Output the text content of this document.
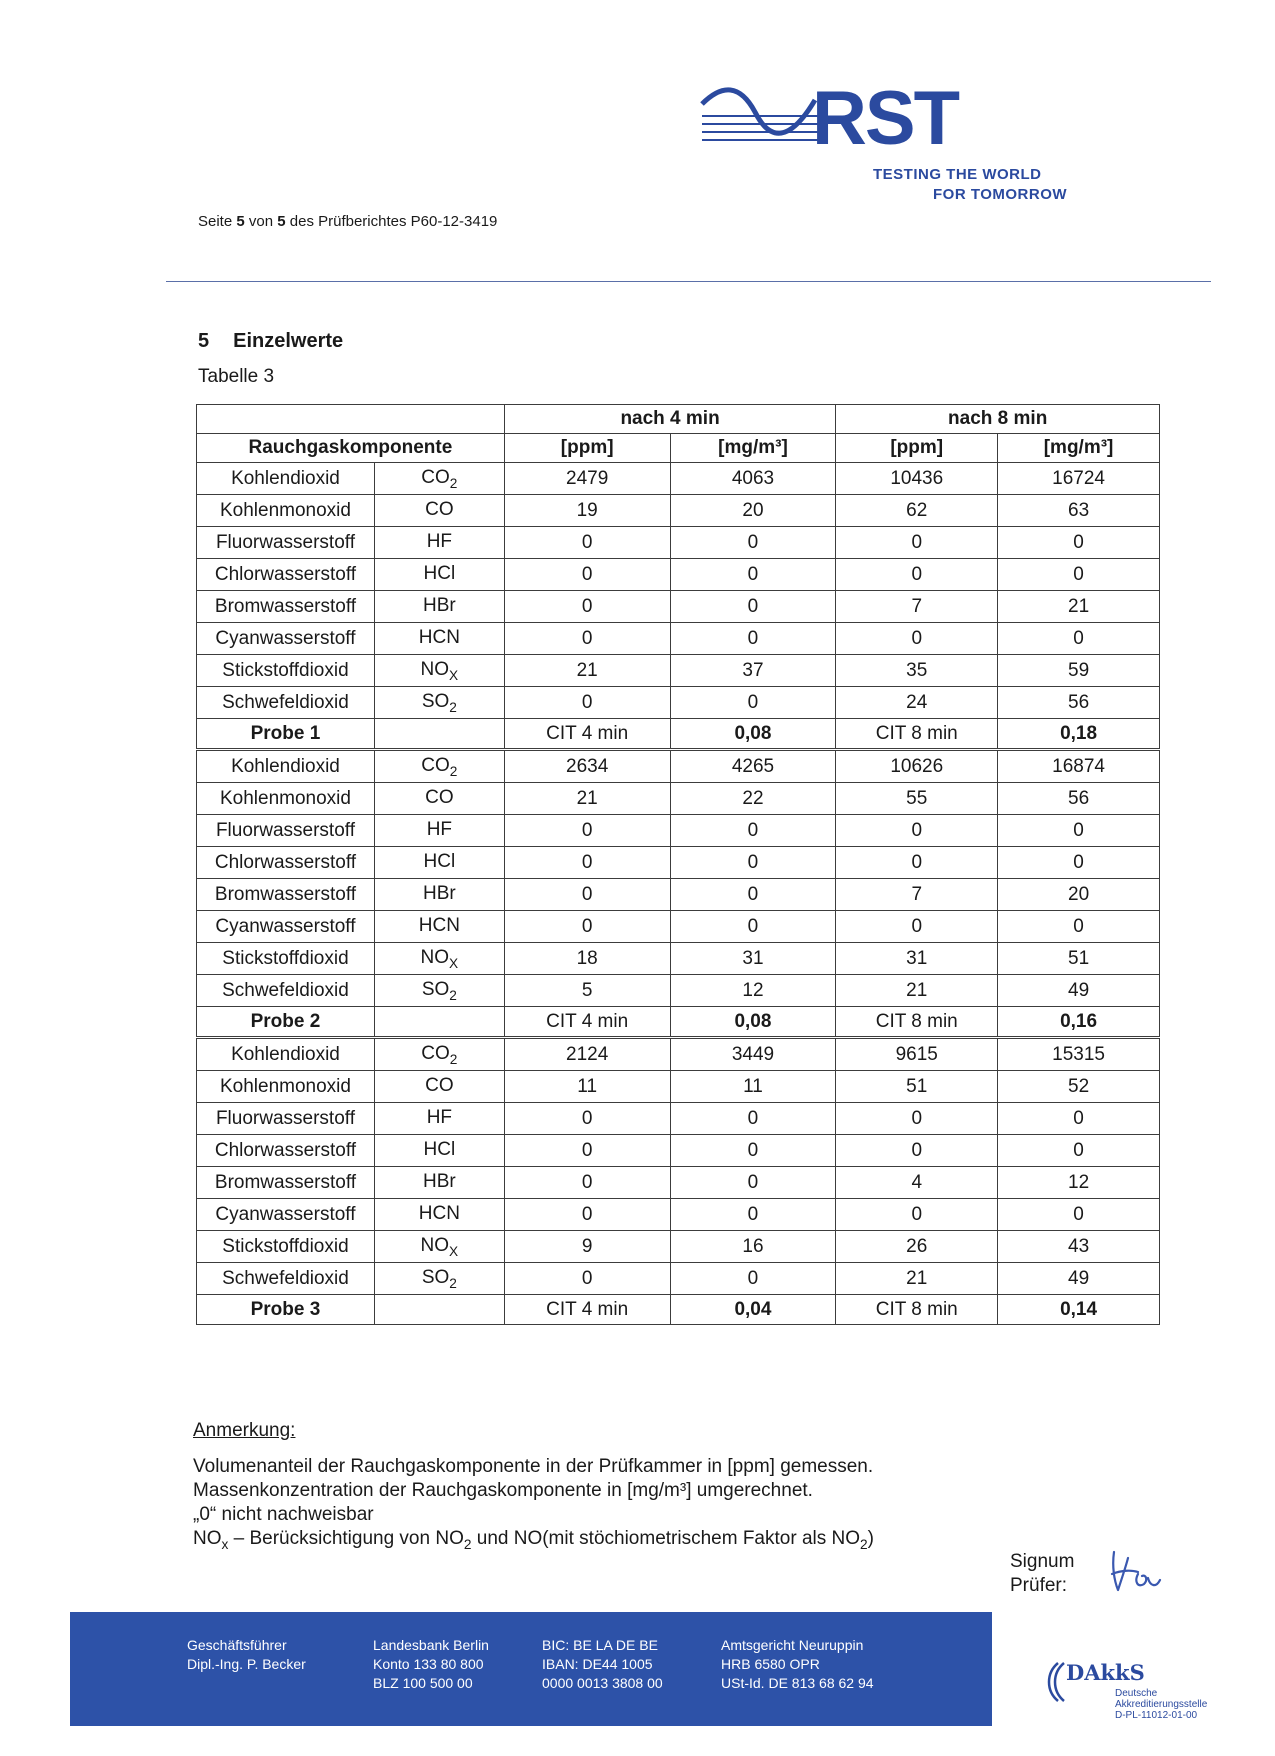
RST
TESTING THE WORLD
FOR TOMORROW
Seite 5 von 5 des Prüfberichtes P60-12-3419
5 Einzelwerte
Tabelle 3
		nach 4 min		nach 8 min	
Rauchgaskomponente		[ppm]	[mg/m³]	[ppm]	[mg/m³]
Kohlendioxid	$CO_2$	2479	4063	10436	16724
Kohlenmonoxid	CO	19	20	62	63
Fluorwasserstoff	HF	0	0	0	0
Chlorwasserstoff	HCl	0	0	0	0
Bromwasserstoff	HBr	0	0	7	21
Cyanwasserstoff	HCN	0	0	0	0
Stickstoffdioxid	$NO_X$	21	37	35	59
Schwefeldioxid	$SO_2$	0	0	24	56
Probe 1		CIT 4 min	0,08	CIT 8 min	0,18
Kohlendioxid	$CO_2$	2634	4265	10626	16874
Kohlenmonoxid	CO	21	22	55	56
Fluorwasserstoff	HF	0	0	0	0
Chlorwasserstoff	HCl	0	0	0	0
Bromwasserstoff	HBr	0	0	7	20
Cyanwasserstoff	HCN	0	0	0	0
Stickstoffdioxid	$NO_X$	18	31	31	51
Schwefeldioxid	$SO_2$	5	12	21	49
Probe 2		CIT 4 min	0,08	CIT 8 min	0,16
Kohlendioxid	$CO_2$	2124	3449	9615	15315
Kohlenmonoxid	CO	11	11	51	52
Fluorwasserstoff	HF	0	0	0	0
Chlorwasserstoff	HCl	0	0	0	0
Bromwasserstoff	HBr	0	0	4	12
Cyanwasserstoff	HCN	0	0	0	0
Stickstoffdioxid	$NO_X$	9	16	26	43
Schwefeldioxid	$SO_2$	0	0	21	49
Probe 3		CIT 4 min	0,04	CIT 8 min	0,14
Anmerkung:
Volumenanteil der Rauchgaskomponente in der Prüfkammer in [ppm] gemessen.
Massenkonzentration der Rauchgaskomponente in [mg/m³] umgerechnet.
„0“ nicht nachweisbar
$NO_x$ – Berücksichtigung von $NO_2$ und NO(mit stöchiometrischem Faktor als $NO_2$)
Signum
Prüfer:
Geschäftsführer
Dipl.-Ing. P. Becker
Landesbank Berlin
Konto 133 80 800
BLZ 100 500 00
BIC: BE LA DE BE
IBAN: DE44 1005
0000 0013 3808 00
Amtsgericht Neuruppin
HRB 6580 OPR
USt-Id. DE 813 68 62 94	DAkkS
Deutsche
Akkreditierungsstelle
D-PL-11012-01-00
